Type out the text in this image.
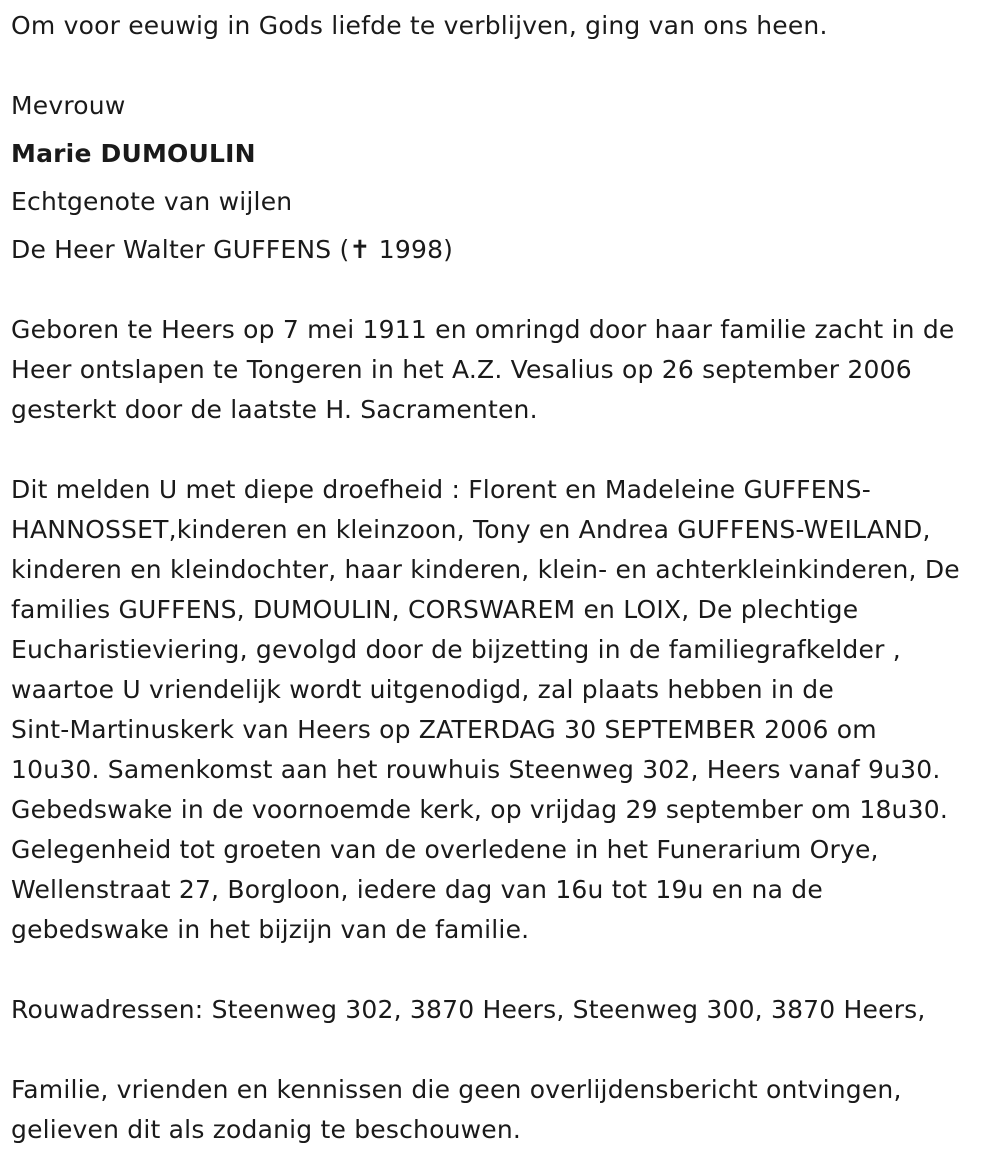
Om voor eeuwig in Gods liefde te verblijven, ging van ons heen.
Mevrouw
Marie DUMOULIN
Echtgenote van wijlen
De Heer Walter GUFFENS (✝ 1998)
Geboren te Heers op 7 mei 1911 en omringd door haar familie zacht in de
Heer ontslapen te Tongeren in het A.Z. Vesalius op 26 september 2006
gesterkt door de laatste H. Sacramenten.
Dit melden U met diepe droefheid : Florent en Madeleine GUFFENS-
HANNOSSET,kinderen en kleinzoon, Tony en Andrea GUFFENS-WEILAND,
kinderen en kleindochter, haar kinderen, klein- en achterkleinkinderen, De
families GUFFENS, DUMOULIN, CORSWAREM en LOIX, De plechtige
Eucharistieviering, gevolgd door de bijzetting in de familiegrafkelder ,
waartoe U vriendelijk wordt uitgenodigd, zal plaats hebben in de
Sint-Martinuskerk van Heers op ZATERDAG 30 SEPTEMBER 2006 om
10u30. Samenkomst aan het rouwhuis Steenweg 302, Heers vanaf 9u30.
Gebedswake in de voornoemde kerk, op vrijdag 29 september om 18u30.
Gelegenheid tot groeten van de overledene in het Funerarium Orye,
Wellenstraat 27, Borgloon, iedere dag van 16u tot 19u en na de
gebedswake in het bijzijn van de familie.
Rouwadressen: Steenweg 302, 3870 Heers, Steenweg 300, 3870 Heers,
Familie, vrienden en kennissen die geen overlijdensbericht ontvingen,
gelieven dit als zodanig te beschouwen.
